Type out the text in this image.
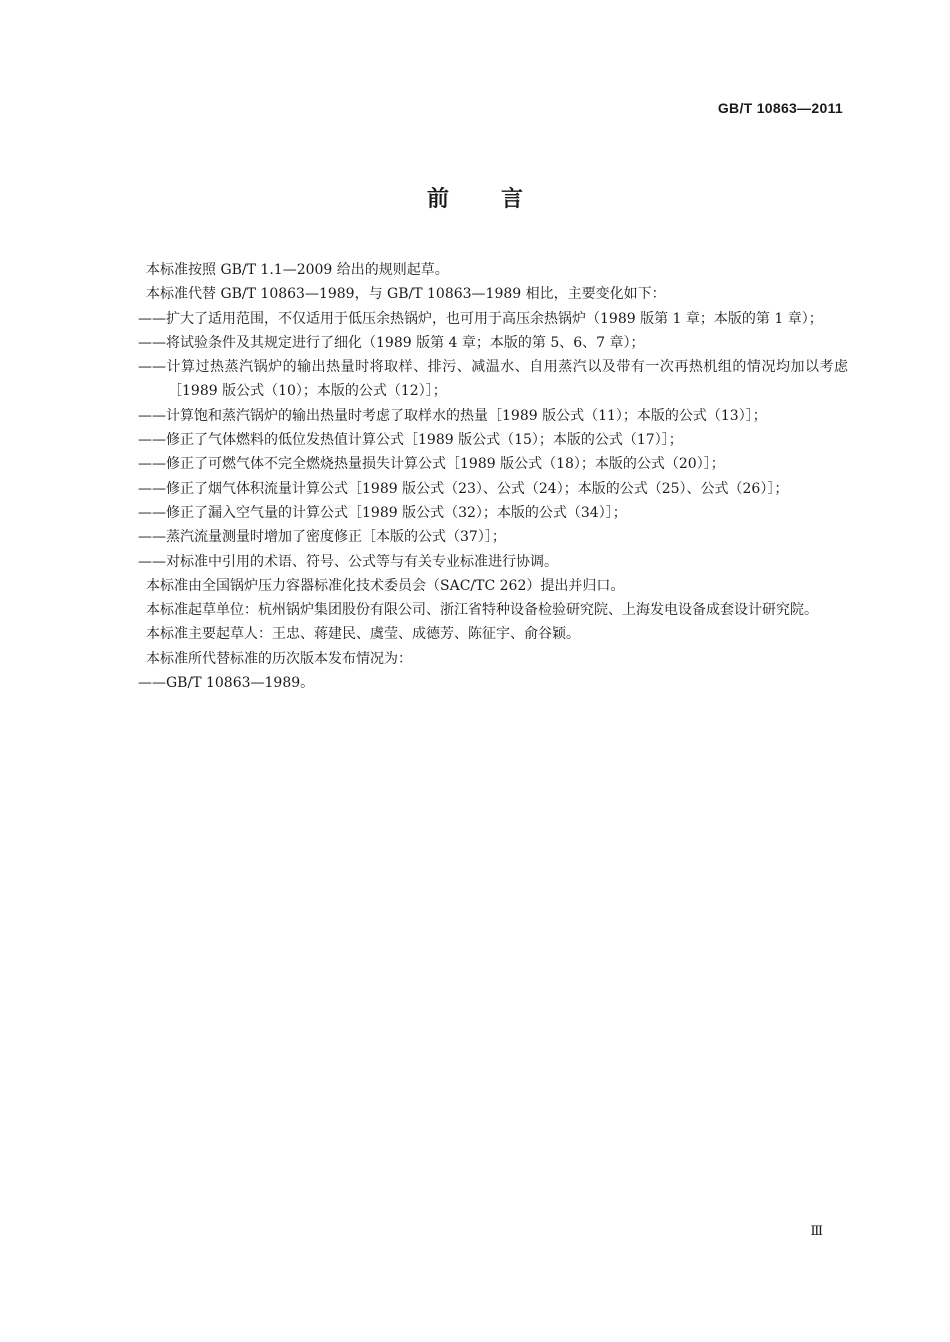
GB/T 10863—2011
前言

本标准按照 GB/T 1.1—2009 给出的规则起草。

本标准代替 GB/T 10863—1989，与 GB/T 10863—1989 相比，主要变化如下：

——扩大了适用范围，不仅适用于低压余热锅炉，也可用于高压余热锅炉（1989 版第 1 章；本版的第 1 章）；

——将试验条件及其规定进行了细化（1989 版第 4 章；本版的第 5、6、7 章）；

——计算过热蒸汽锅炉的输出热量时将取样、排污、减温水、自用蒸汽以及带有一次再热机组的情况均加以考虑［1989 版公式（10）；本版的公式（12）］；

——计算饱和蒸汽锅炉的输出热量时考虑了取样水的热量［1989 版公式（11）；本版的公式（13）］；

——修正了气体燃料的低位发热值计算公式［1989 版公式（15）；本版的公式（17）］；

——修正了可燃气体不完全燃烧热量损失计算公式［1989 版公式（18）；本版的公式（20）］；

——修正了烟气体积流量计算公式［1989 版公式（23）、公式（24）；本版的公式（25）、公式（26）］；

——修正了漏入空气量的计算公式［1989 版公式（32）；本版的公式（34）］；

——蒸汽流量测量时增加了密度修正［本版的公式（37）］；

——对标准中引用的术语、符号、公式等与有关专业标准进行协调。

本标准由全国锅炉压力容器标准化技术委员会（SAC/TC 262）提出并归口。

本标准起草单位：杭州锅炉集团股份有限公司、浙江省特种设备检验研究院、上海发电设备成套设计研究院。

本标准主要起草人：王忠、蒋建民、虞莹、成德芳、陈征宇、俞谷颖。

本标准所代替标准的历次版本发布情况为：

——GB/T 10863—1989。

Ⅲ
